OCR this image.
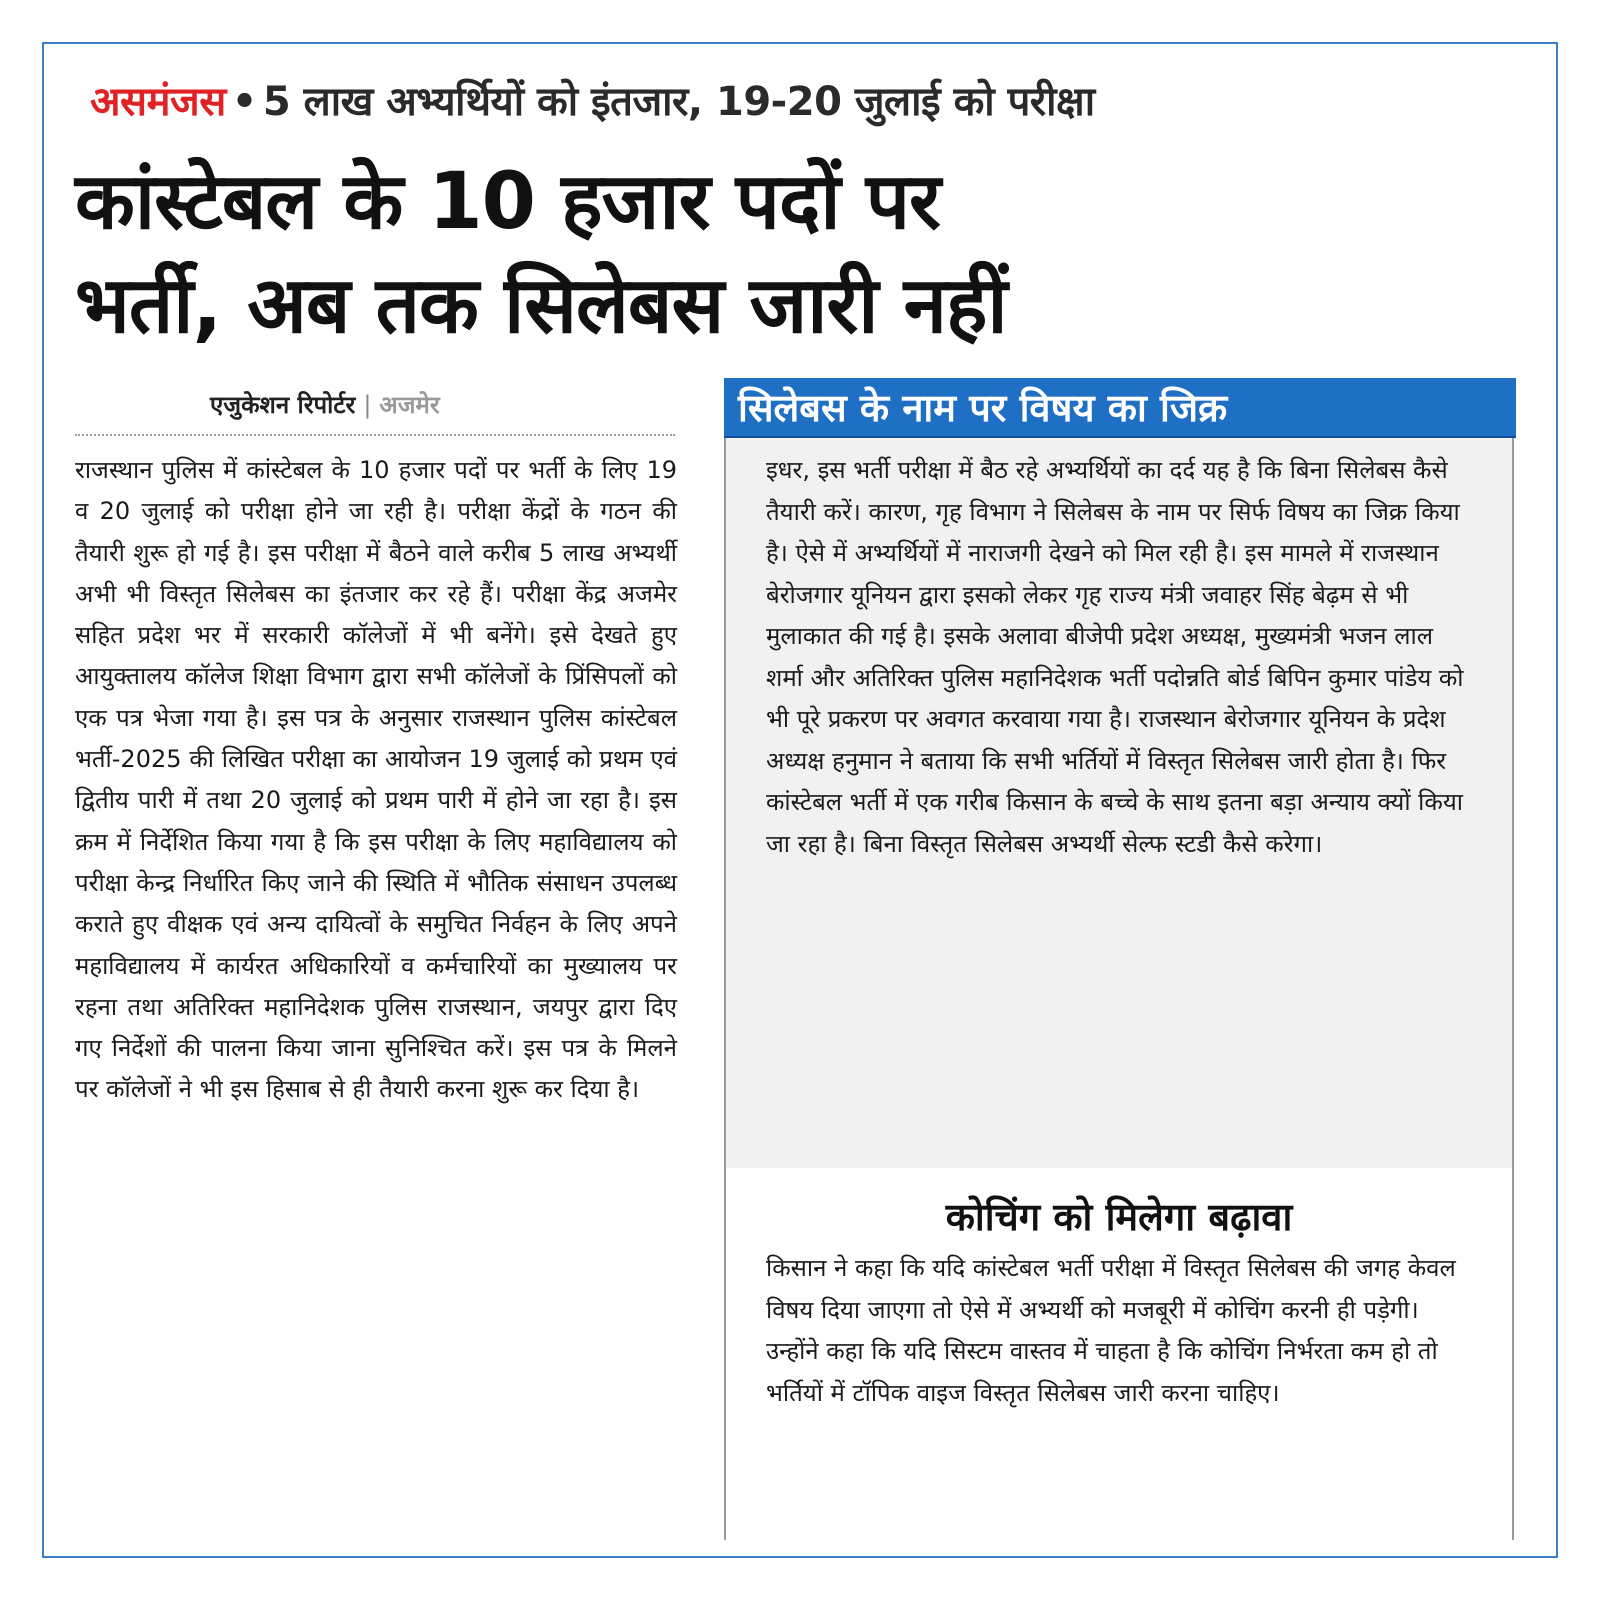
असमंजस • 5 लाख अभ्यर्थियों को इंतजार, 19-20 जुलाई को परीक्षा
कांस्टेबल के 10 हजार पदों पर
भर्ती, अब तक सिलेबस जारी नहीं
एजुकेशन रिपोर्टर | अजमेर
राजस्थान पुलिस में कांस्टेबल के 10 हजार पदों पर भर्ती के लिए 19 व 20 जुलाई को परीक्षा होने जा रही है। परीक्षा केंद्रों के गठन की तैयारी शुरू हो गई है। इस परीक्षा में बैठने वाले करीब 5 लाख अभ्यर्थी अभी भी विस्तृत सिलेबस का इंतजार कर रहे हैं। परीक्षा केंद्र अजमेर सहित प्रदेश भर में सरकारी कॉलेजों में भी बनेंगे। इसे देखते हुए आयुक्तालय कॉलेज शिक्षा विभाग द्वारा सभी कॉलेजों के प्रिंसिपलों को एक पत्र भेजा गया है। इस पत्र के अनुसार राजस्थान पुलिस कांस्टेबल भर्ती-2025 की लिखित परीक्षा का आयोजन 19 जुलाई को प्रथम एवं द्वितीय पारी में तथा 20 जुलाई को प्रथम पारी में होने जा रहा है। इस क्रम में निर्देशित किया गया है कि इस परीक्षा के लिए महाविद्यालय को परीक्षा केन्द्र निर्धारित किए जाने की स्थिति में भौतिक संसाधन उपलब्ध कराते हुए वीक्षक एवं अन्य दायित्वों के समुचित निर्वहन के लिए अपने महाविद्यालय में कार्यरत अधिकारियों व कर्मचारियों का मुख्यालय पर रहना तथा अतिरिक्त महानिदेशक पुलिस राजस्थान, जयपुर द्वारा दिए गए निर्देशों की पालना किया जाना सुनिश्चित करें। इस पत्र के मिलने पर कॉलेजों ने भी इस हिसाब से ही तैयारी करना शुरू कर दिया है।
सिलेबस के नाम पर विषय का जिक्र
इधर, इस भर्ती परीक्षा में बैठ रहे अभ्यर्थियों का दर्द यह है कि बिना सिलेबस कैसे तैयारी करें। कारण, गृह विभाग ने सिलेबस के नाम पर सिर्फ विषय का जिक्र किया है। ऐसे में अभ्यर्थियों में नाराजगी देखने को मिल रही है। इस मामले में राजस्थान बेरोजगार यूनियन द्वारा इसको लेकर गृह राज्य मंत्री जवाहर सिंह बेढ़म से भी मुलाकात की गई है। इसके अलावा बीजेपी प्रदेश अध्यक्ष, मुख्यमंत्री भजन लाल शर्मा और अतिरिक्त पुलिस महानिदेशक भर्ती पदोन्नति बोर्ड बिपिन कुमार पांडेय को भी पूरे प्रकरण पर अवगत करवाया गया है। राजस्थान बेरोजगार यूनियन के प्रदेश अध्यक्ष हनुमान ने बताया कि सभी भर्तियों में विस्तृत सिलेबस जारी होता है। फिर कांस्टेबल भर्ती में एक गरीब किसान के बच्चे के साथ इतना बड़ा अन्याय क्यों किया जा रहा है। बिना विस्तृत सिलेबस अभ्यर्थी सेल्फ स्टडी कैसे करेगा।
कोचिंग को मिलेगा बढ़ावा
किसान ने कहा कि यदि कांस्टेबल भर्ती परीक्षा में विस्तृत सिलेबस की जगह केवल विषय दिया जाएगा तो ऐसे में अभ्यर्थी को मजबूरी में कोचिंग करनी ही पड़ेगी। उन्होंने कहा कि यदि सिस्टम वास्तव में चाहता है कि कोचिंग निर्भरता कम हो तो भर्तियों में टॉपिक वाइज विस्तृत सिलेबस जारी करना चाहिए।
